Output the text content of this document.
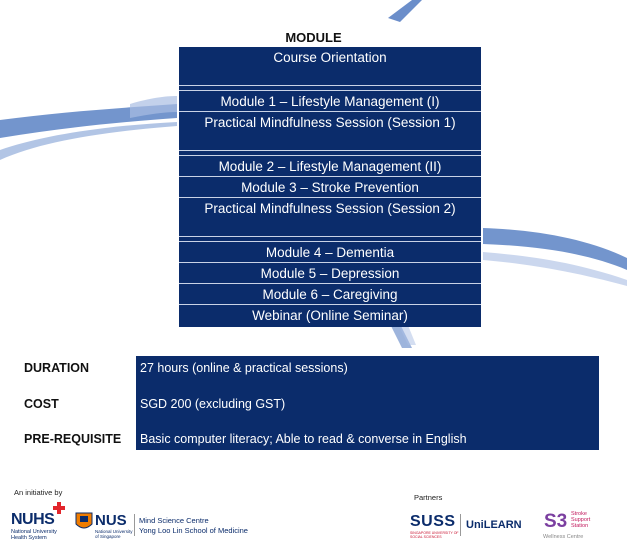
MODULE
Course Orientation
Module 1 – Lifestyle Management (I)
Practical Mindfulness Session (Session 1)
Module 2 – Lifestyle Management (II)
Module 3 – Stroke Prevention
Practical Mindfulness Session (Session 2)
Module 4 – Dementia
Module 5 – Depression
Module 6 – Caregiving
Webinar (Online Seminar)
DURATION	27 hours (online & practical sessions)
COST	SGD 200 (excluding GST)
PRE-REQUISITE Basic computer literacy; Able to read & converse in English
An initiative by
NUHS
National University Health System
NUS
National University of Singapore
Mind Science Centre
Yong Loo Lin School of Medicine
Partners
SUSS
SINGAPORE UNIVERSITY OF SOCIAL SCIENCES
UniLEARN S3 Stroke
Support
Station
Wellness Centre
